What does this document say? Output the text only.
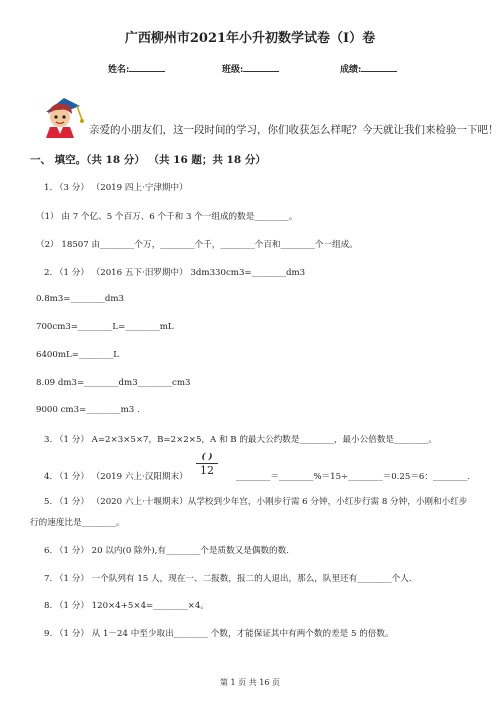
广西柳州市2021年小升初数学试卷（I）卷
姓名:	班级:	成绩:
亲爱的小朋友们，这一段时间的学习，你们收获怎么样呢？今天就让我们来检验一下吧！
一、 填空。（共 18 分） （共 16 题；共 18 分）
1. （3 分） （2019 四上·宁津期中）
（1） 由 7 个亿、5 个百万、6 个千和 3 个一组成的数是________。
（2） 18507 由________个万，________个千，________个百和________个一组成。
2. （1 分） （2016 五下·汨罗期中） 3dm330cm3=________dm3
0.8m3=________dm3
700cm3=________L=________mL
6400mL=________L
8.09 dm3=________dm3________cm3
9000 cm3=________m3 .
3. （1 分） A=2×3×5×7，B=2×2×5，A 和 B 的最大公约数是________，最小公倍数是________。
4. （1 分） （2019 六上·汉阳期末）
( )
12	________＝________%＝15÷________＝0.25＝6：________.
5. （1 分） （2020 六上·十堰期末）从学校到少年宫，小刚步行需 6 分钟，小红步行需 8 分钟，小刚和小红步
行的速度比是________。
6. （1 分） 20 以内(0 除外),有________个是质数又是偶数的数.
7. （1 分） 一个队列有 15 人，现在一、二报数，报二的人退出，那么，队里还有________个人.
8. （1 分） 120×4+5×4=________×4。
9. （1 分） 从 1－24 中至少取出________ 个数，才能保证其中有两个数的差是 5 的倍数。
第 1 页 共 16 页
